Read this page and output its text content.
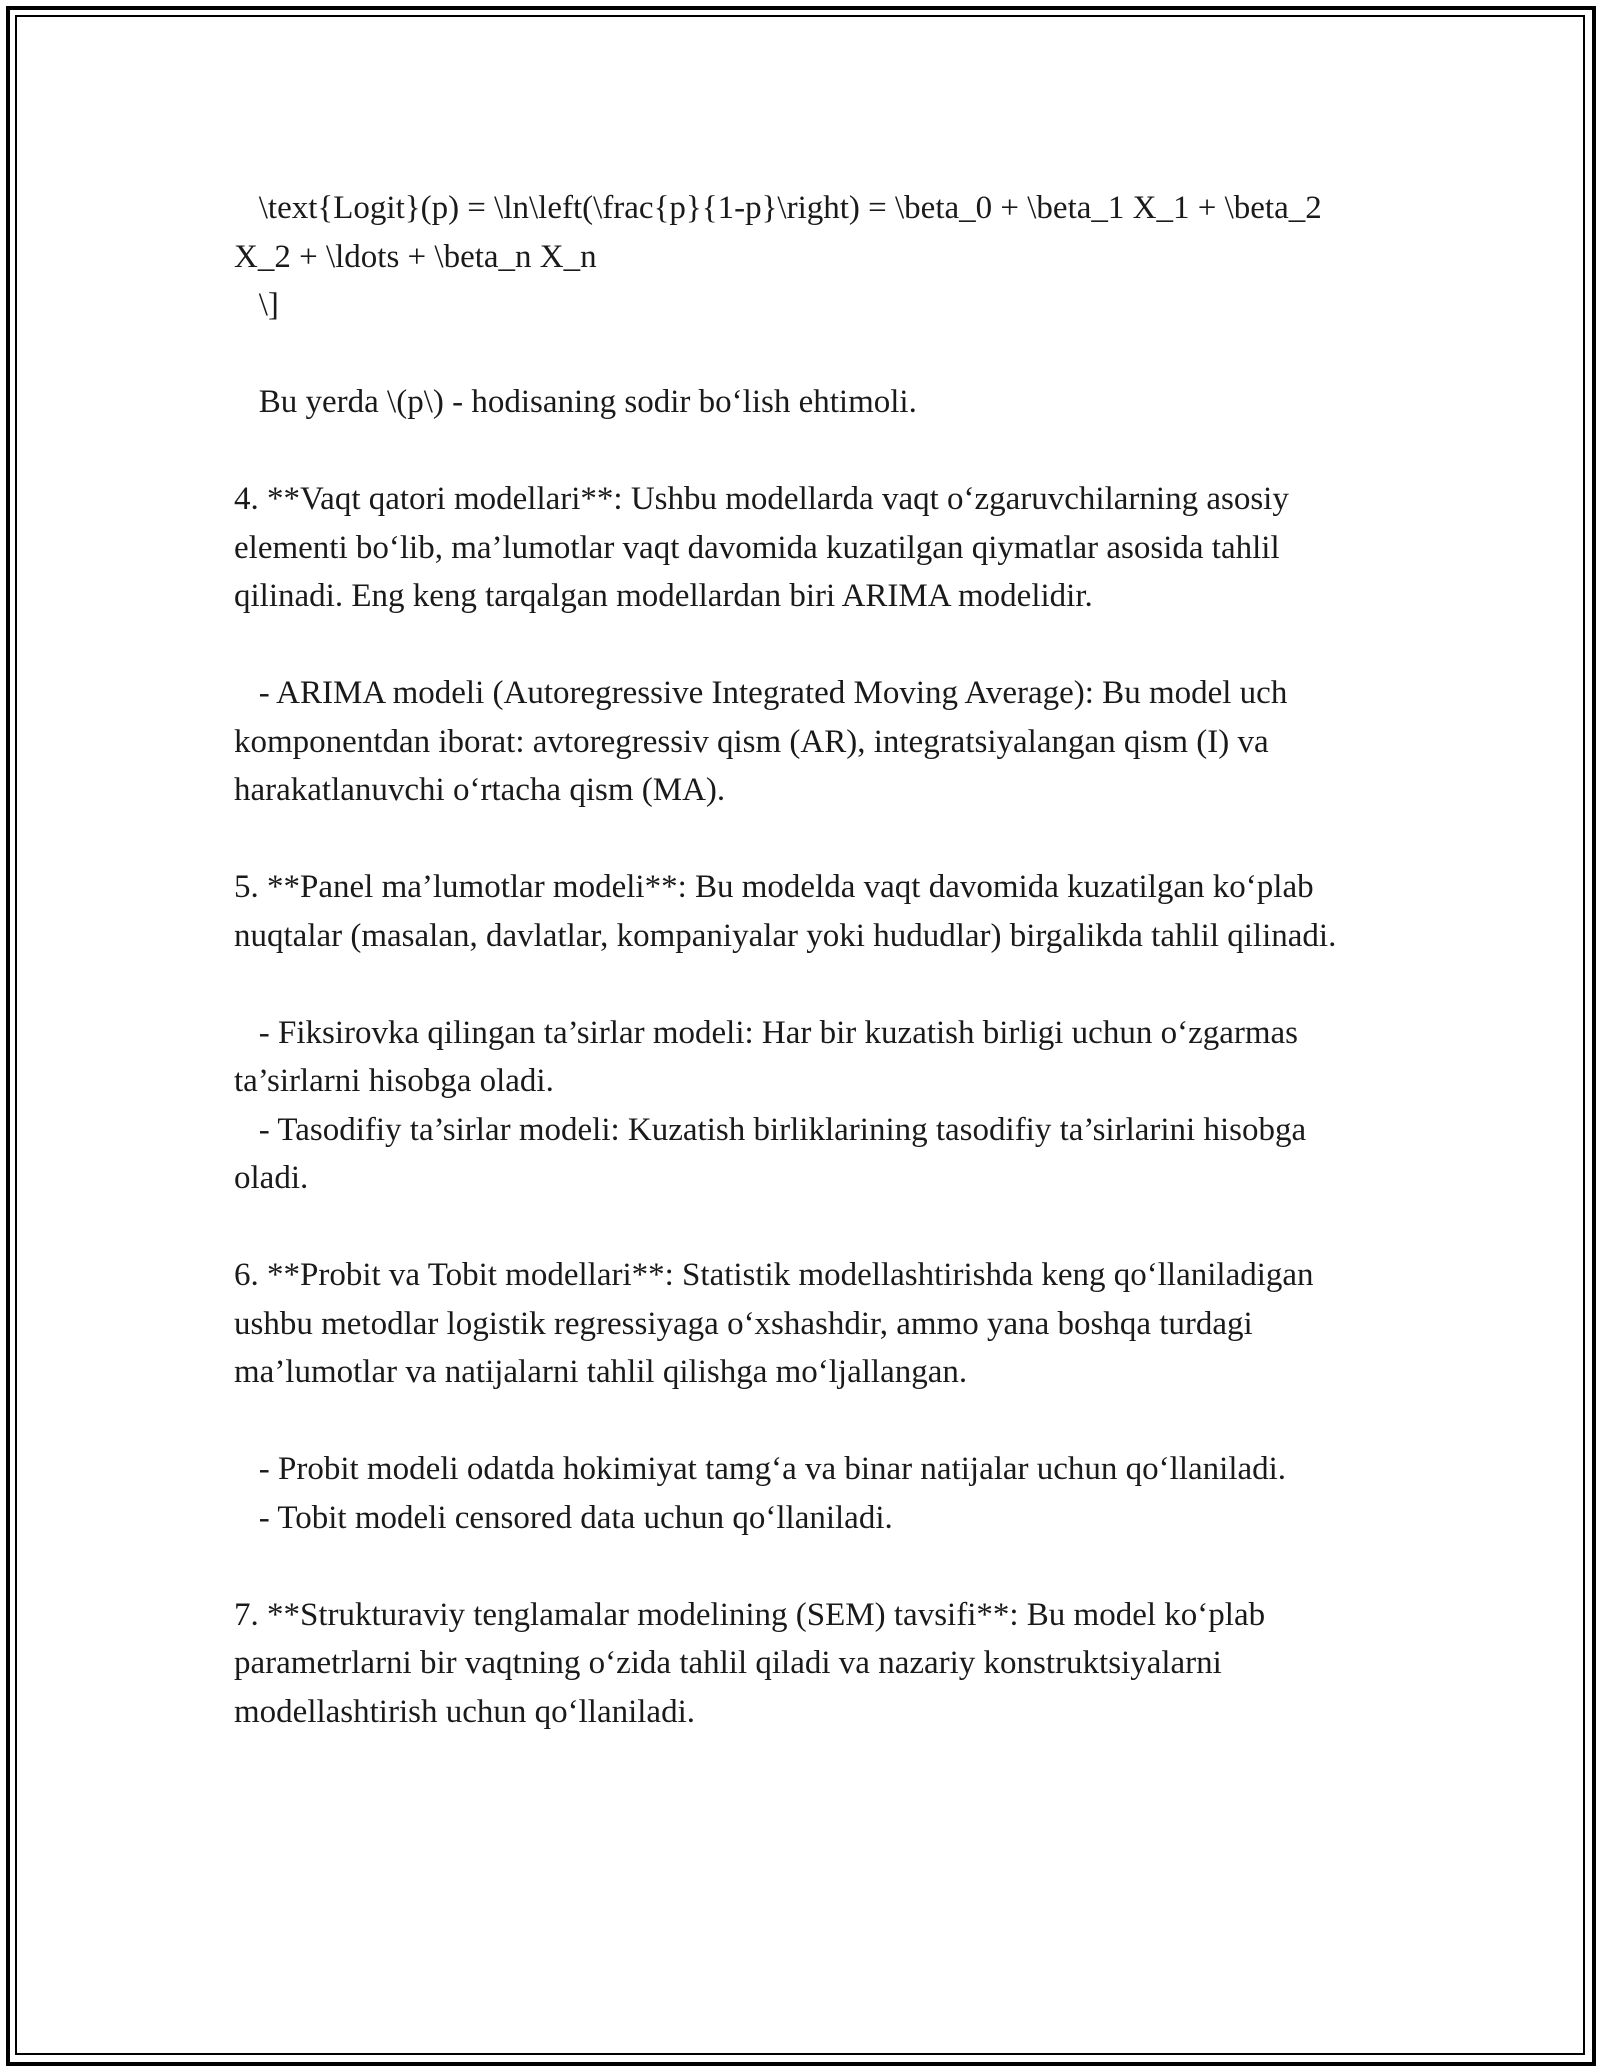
\text{Logit}(p) = \ln\left(\frac{p}{1-p}\right) = \beta_0 + \beta_1 X_1 + \beta_2 X_2 + \ldots + \beta_n X_n

\]

Bu yerda \(p\) - hodisaning sodir bo‘lish ehtimoli.

4. **Vaqt qatori modellari**: Ushbu modellarda vaqt o‘zgaruvchilarning asosiy elementi bo‘lib, ma’lumotlar vaqt davomida kuzatilgan qiymatlar asosida tahlil qilinadi. Eng keng tarqalgan modellardan biri ARIMA modelidir.

- ARIMA modeli (Autoregressive Integrated Moving Average): Bu model uch komponentdan iborat: avtoregressiv qism (AR), integratsiyalangan qism (I) va harakatlanuvchi o‘rtacha qism (MA).

5. **Panel ma’lumotlar modeli**: Bu modelda vaqt davomida kuzatilgan ko‘plab nuqtalar (masalan, davlatlar, kompaniyalar yoki hududlar) birgalikda tahlil qilinadi.

- Fiksirovka qilingan ta’sirlar modeli: Har bir kuzatish birligi uchun o‘zgarmas ta’sirlarni hisobga oladi.

- Tasodifiy ta’sirlar modeli: Kuzatish birliklarining tasodifiy ta’sirlarini hisobga oladi.

6. **Probit va Tobit modellari**: Statistik modellashtirishda keng qo‘llaniladigan ushbu metodlar logistik regressiyaga o‘xshashdir, ammo yana boshqa turdagi ma’lumotlar va natijalarni tahlil qilishga mo‘ljallangan.

- Probit modeli odatda hokimiyat tamg‘a va binar natijalar uchun qo‘llaniladi.

- Tobit modeli censored data uchun qo‘llaniladi.

7. **Strukturaviy tenglamalar modelining (SEM) tavsifi**: Bu model ko‘plab parametrlarni bir vaqtning o‘zida tahlil qiladi va nazariy konstruktsiyalarni modellashtirish uchun qo‘llaniladi.
